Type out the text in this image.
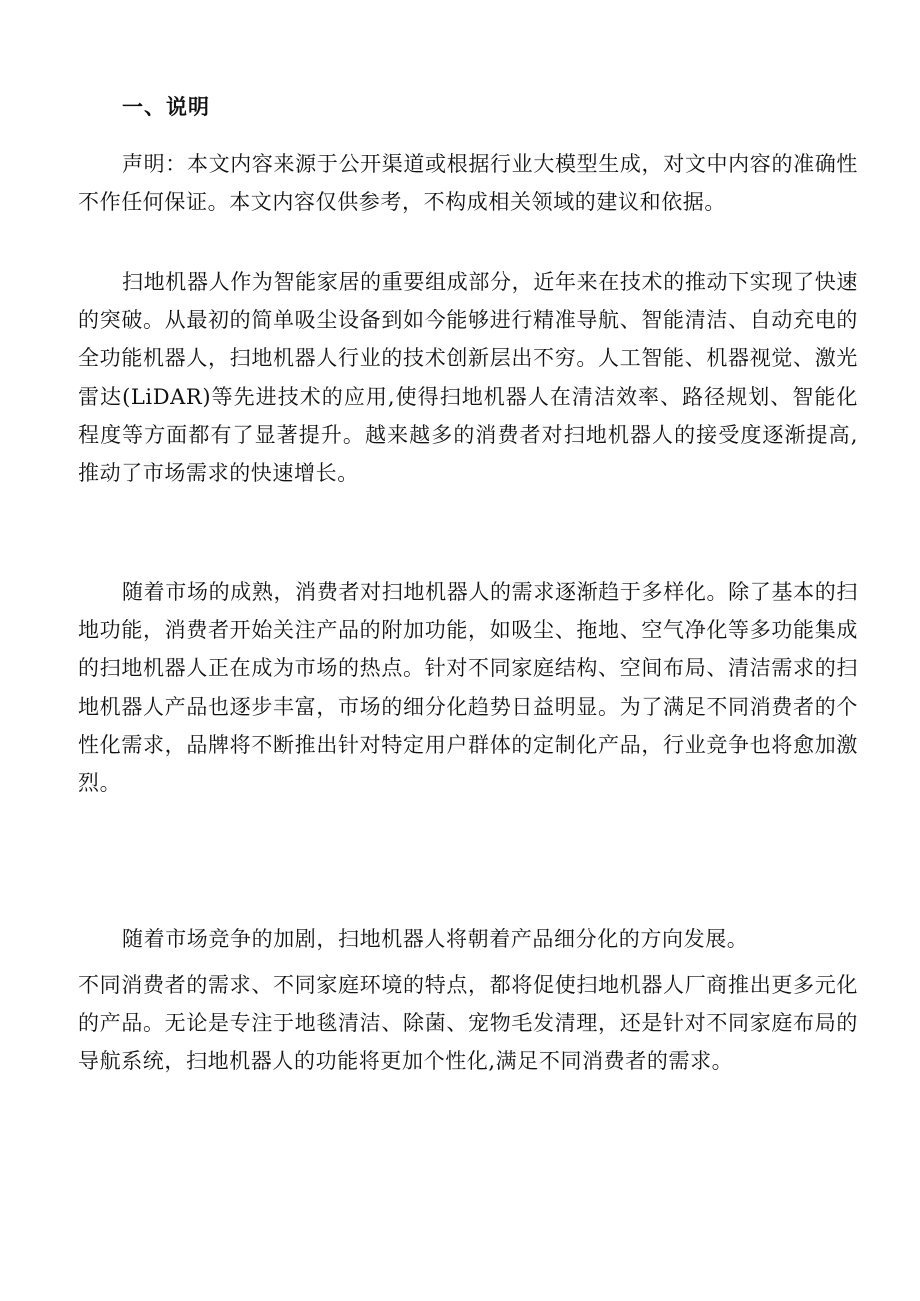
一、说明

声明：本文内容来源于公开渠道或根据行业大模型生成，对文中内容的准确性不作任何保证。本文内容仅供参考，不构成相关领域的建议和依据。

扫地机器人作为智能家居的重要组成部分，近年来在技术的推动下实现了快速的突破。从最初的简单吸尘设备到如今能够进行精准导航、智能清洁、自动充电的全功能机器人，扫地机器人行业的技术创新层出不穷。人工智能、机器视觉、激光雷达(LiDAR)等先进技术的应用,使得扫地机器人在清洁效率、路径规划、智能化程度等方面都有了显著提升。越来越多的消费者对扫地机器人的接受度逐渐提高,推动了市场需求的快速增长。

随着市场的成熟，消费者对扫地机器人的需求逐渐趋于多样化。除了基本的扫地功能，消费者开始关注产品的附加功能，如吸尘、拖地、空气净化等多功能集成的扫地机器人正在成为市场的热点。针对不同家庭结构、空间布局、清洁需求的扫地机器人产品也逐步丰富，市场的细分化趋势日益明显。为了满足不同消费者的个性化需求，品牌将不断推出针对特定用户群体的定制化产品，行业竞争也将愈加激烈。

随着市场竞争的加剧，扫地机器人将朝着产品细分化的方向发展。

不同消费者的需求、不同家庭环境的特点，都将促使扫地机器人厂商推出更多元化的产品。无论是专注于地毯清洁、除菌、宠物毛发清理，还是针对不同家庭布局的导航系统，扫地机器人的功能将更加个性化,满足不同消费者的需求。
